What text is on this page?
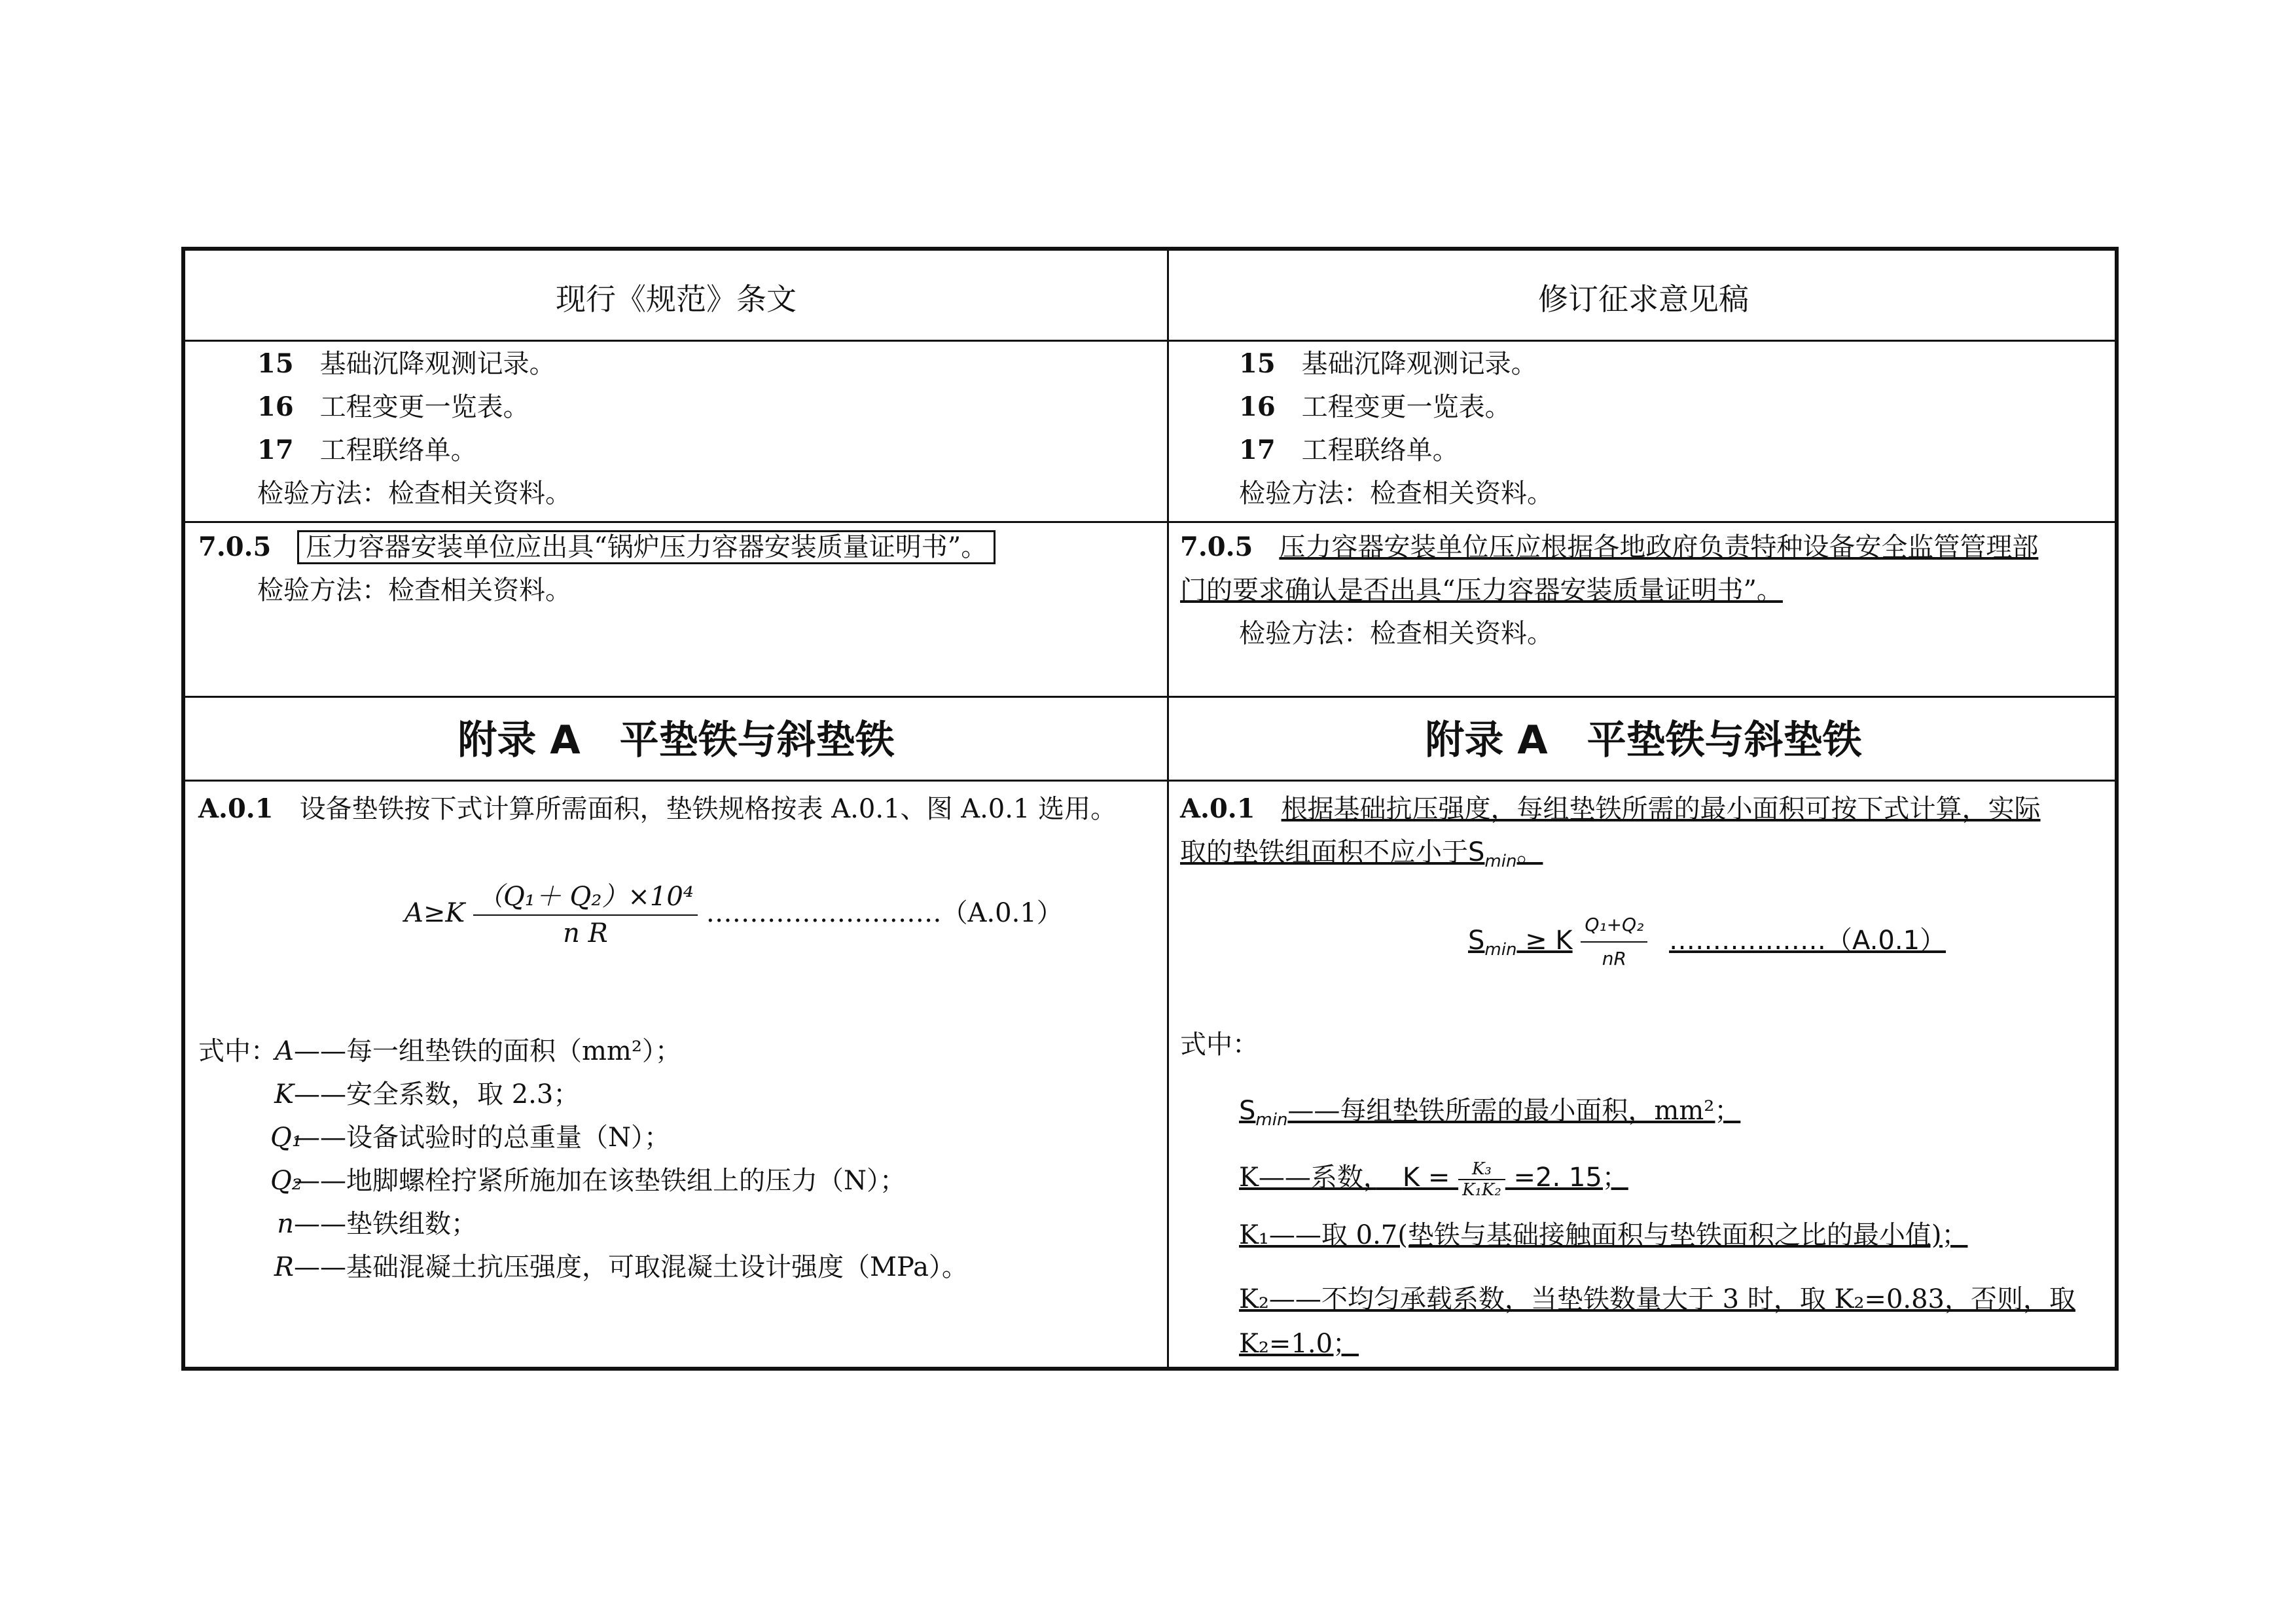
现行《规范》条文	修订征求意见稿
15　 基础沉降观测记录。
16　 工程变更一览表。
17　 工程联络单。
检验方法：检查相关资料。
15　 基础沉降观测记录。
16　 工程变更一览表。
17　 工程联络单。
检验方法：检查相关资料。
7.0.5　 压力容器安装单位应出具“锅炉压力容器安装质量证明书”。
检验方法：检查相关资料。
7.0.5　 压力容器安装单位压应根据各地政府负责特种设备安全监管管理部
门的要求确认是否出具“压力容器安装质量证明书”。
检验方法：检查相关资料。
附录 A　平垫铁与斜垫铁	附录 A　平垫铁与斜垫铁
A.0.1　 设备垫铁按下式计算所需面积，垫铁规格按表 A.0.1、图 A.0.1 选用。
$A\ge K \frac{\text{（Q₁＋ Q₂）×10⁴}}{\text{n R}}$ ………………………（A.0.1）
式中：
A——每一组垫铁的面积（mm²）；
K——安全系数，取 2.3；
Q₁——设备试验时的总重量（N）；
Q₂——地脚螺栓拧紧所施加在该垫铁组上的压力（N）；
n——垫铁组数；
R——基础混凝土抗压强度，可取混凝土设计强度（MPa）。
A.0.1　 根据基础抗压强度，每组垫铁所需的最小面积可按下式计算，实际
取的垫铁组面积不应小于$S_{min}$。
$S_{min} \ge K \frac{\text{Q₁+Q₂}}{nR}$ ………………（A.0.1）
式中：
$S_{min}——$每组垫铁所需的最小面积，mm²；
K——系数，　 $K = \frac{\text{K₃}}{\text{K₁K₂}} =2$. 15；
K₁——取 0.7(垫铁与基础接触面积与垫铁面积之比的最小值)；
K₂——不均匀承载系数，当垫铁数量大于 3 时，取 K₂=0.83，否则，取
K₂=1.0；
